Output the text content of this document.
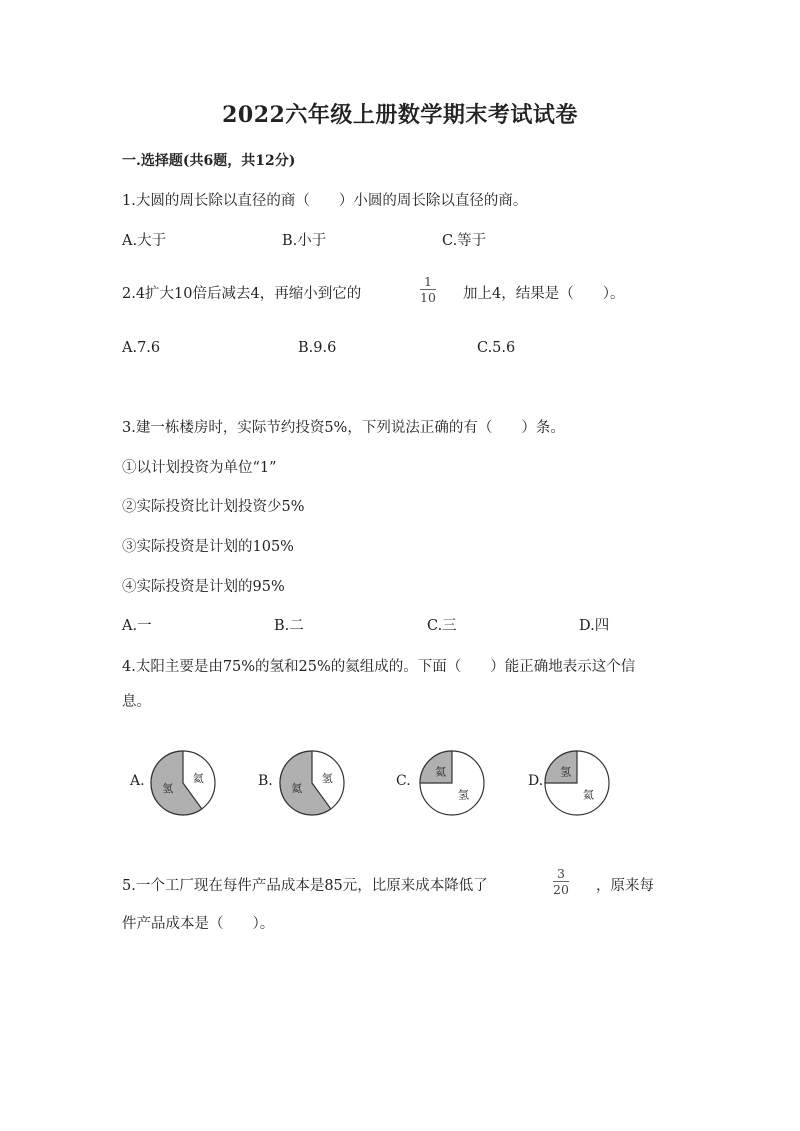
2022六年级上册数学期末考试试卷
一.选择题(共6题，共12分)
1.大圆的周长除以直径的商（　　）小圆的周长除以直径的商。
A.大于	B.小于	C.等于
2.4扩大10倍后减去4，再缩小到它的
1
10 加上4，结果是（　　）。
A.7.6	B.9.6	C.5.6
3.建一栋楼房时，实际节约投资5%，下列说法正确的有（　　）条。
①以计划投资为单位“1”
②实际投资比计划投资少5%
③实际投资是计划的105%
④实际投资是计划的95%
A.一	B.二	C.三	D.四
4.太阳主要是由75%的氢和25%的氦组成的。下面（　　）能正确地表示这个信
息。
A. 氢
氦	B. 氦
氢	C.
氦
氢
D.
氢
氦
5.一个工厂现在每件产品成本是85元，比原来成本降低了
3
20 ，原来每
件产品成本是（　　）。
